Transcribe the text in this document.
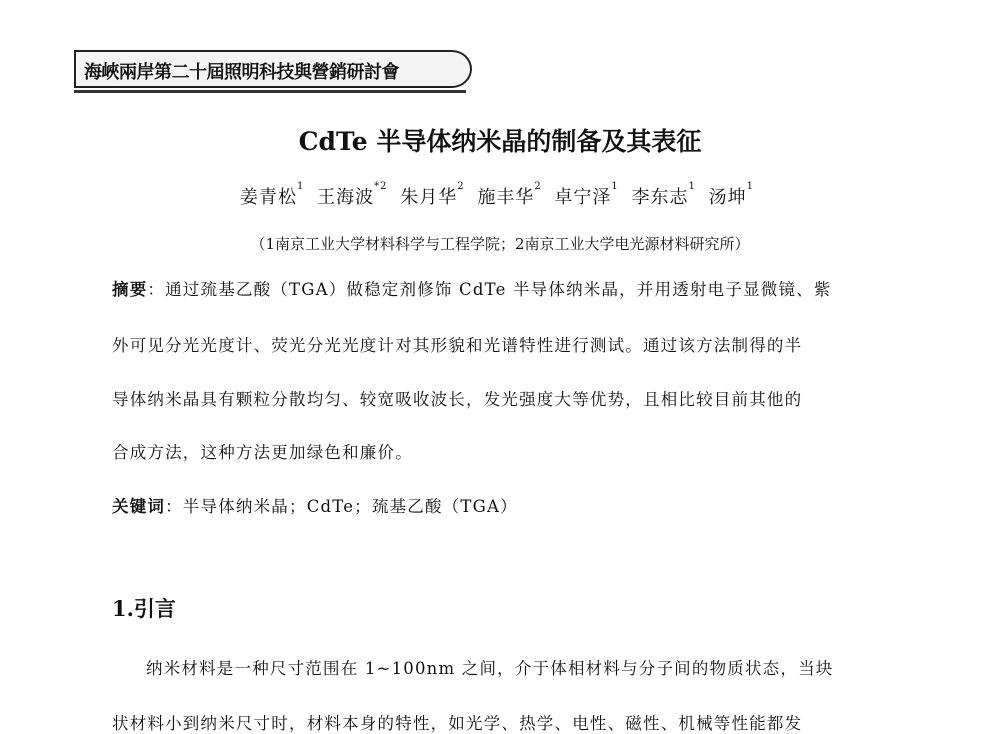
海峽兩岸第二十屆照明科技與營銷研討會
CdTe 半导体纳米晶的制备及其表征
姜青松$^1$ 王海波$^{*2}$ 朱月华$^2$ 施丰华$^2$ 卓宁泽$^1$ 李东志$^1$ 汤坤$^1$
（1南京工业大学材料科学与工程学院；2南京工业大学电光源材料研究所）
摘要：通过巯基乙酸（TGA）做稳定剂修饰 CdTe 半导体纳米晶，并用透射电子显微镜、紫
外可见分光光度计、荧光分光光度计对其形貌和光谱特性进行测试。通过该方法制得的半
导体纳米晶具有颗粒分散均匀、较宽吸收波长，发光强度大等优势，且相比较目前其他的
合成方法，这种方法更加绿色和廉价。
关键词：半导体纳米晶；CdTe；巯基乙酸（TGA）
1.引言
纳米材料是一种尺寸范围在 1~100nm 之间，介于体相材料与分子间的物质状态，当块
状材料小到纳米尺寸时，材料本身的特性，如光学、热学、电性、磁性、机械等性能都发
